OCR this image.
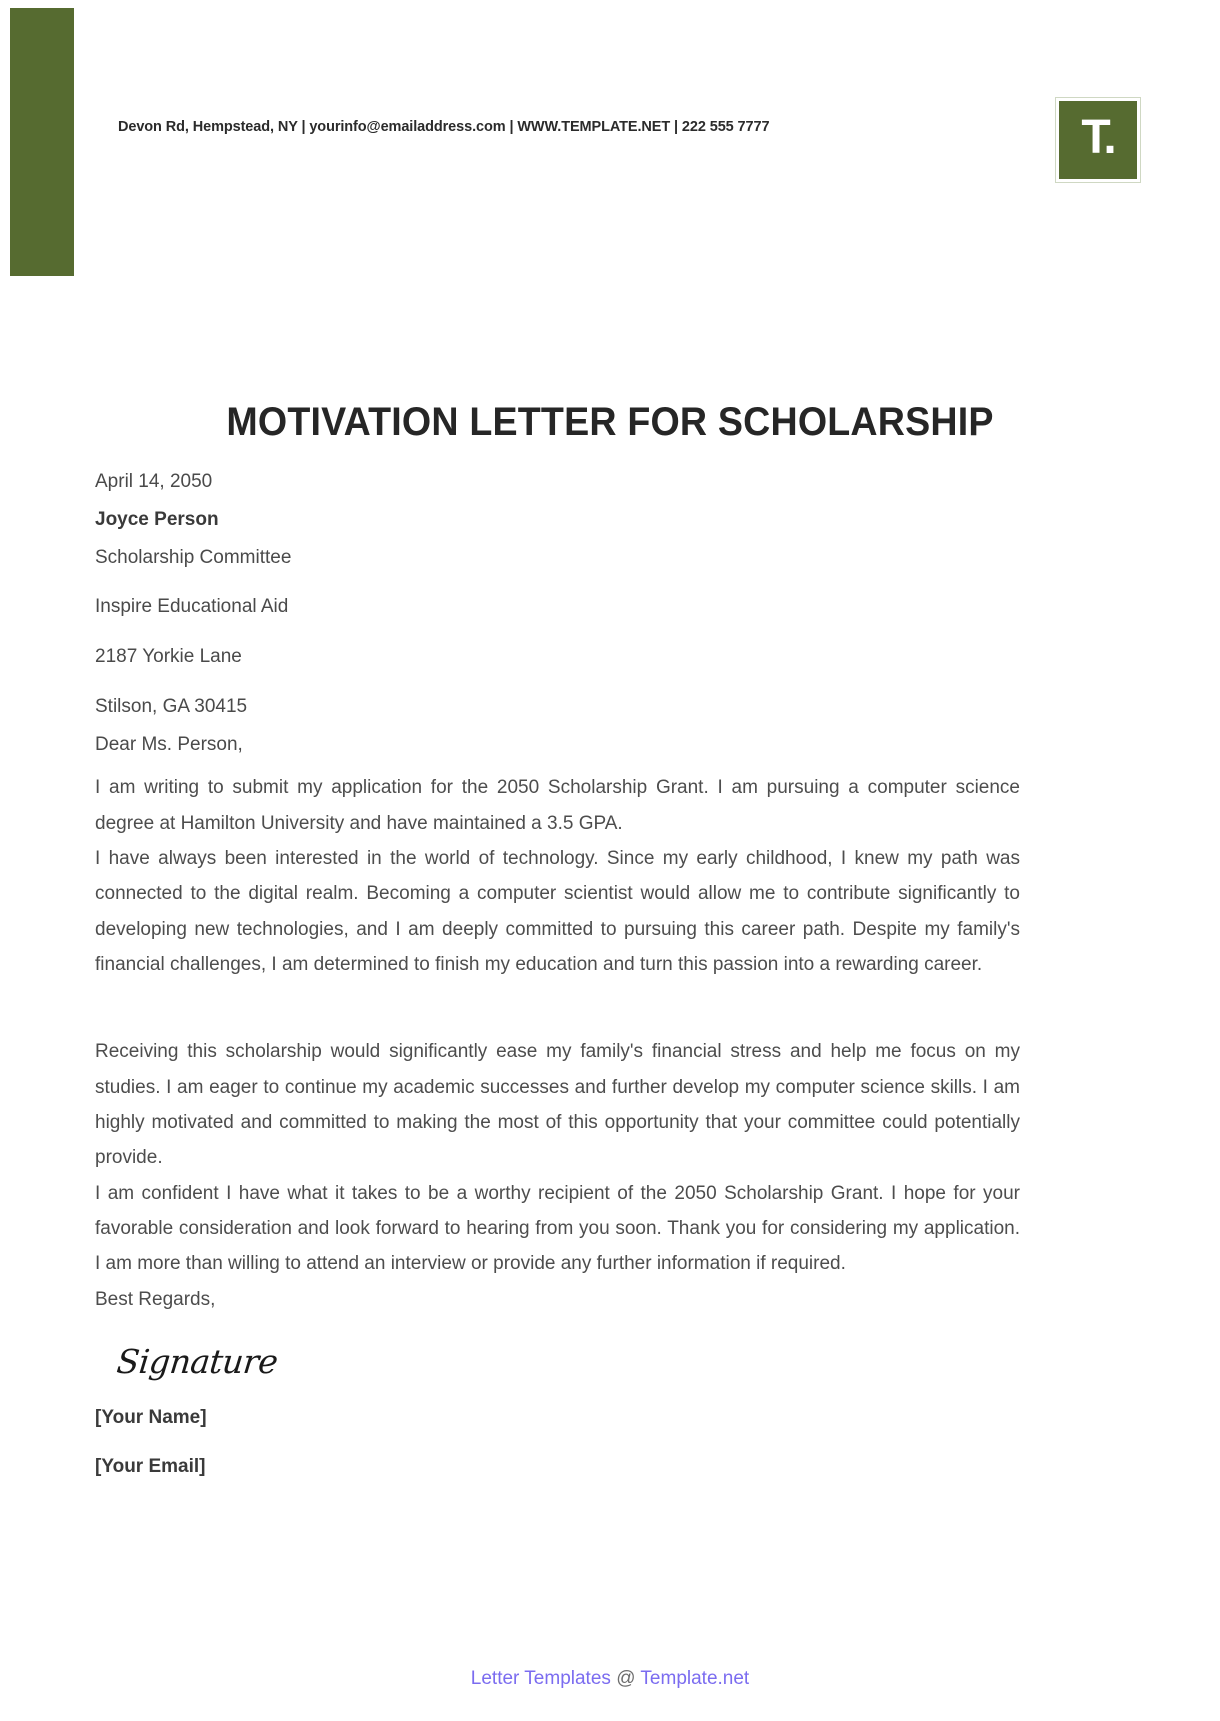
Devon Rd, Hempstead, NY | yourinfo@emailaddress.com | WWW.TEMPLATE.NET | 222 555 7777	T.
MOTIVATION LETTER FOR SCHOLARSHIP
April 14, 2050
Joyce Person
Scholarship Committee
Inspire Educational Aid
2187 Yorkie Lane
Stilson, GA 30415
Dear Ms. Person,

I am writing to submit my application for the 2050 Scholarship Grant. I am pursuing a computer science degree at Hamilton University and have maintained a 3.5 GPA.

I have always been interested in the world of technology. Since my early childhood, I knew my path was connected to the digital realm. Becoming a computer scientist would allow me to contribute significantly to developing new technologies, and I am deeply committed to pursuing this career path. Despite my family's financial challenges, I am determined to finish my education and turn this passion into a rewarding career.

Receiving this scholarship would significantly ease my family's financial stress and help me focus on my studies. I am eager to continue my academic successes and further develop my computer science skills. I am highly motivated and committed to making the most of this opportunity that your committee could potentially provide.

I am confident I have what it takes to be a worthy recipient of the 2050 Scholarship Grant. I hope for your favorable consideration and look forward to hearing from you soon. Thank you for considering my application. I am more than willing to attend an interview or provide any further information if required.

Best Regards,
Signature
[Your Name]
[Your Email]
Letter Templates @ Template.net
